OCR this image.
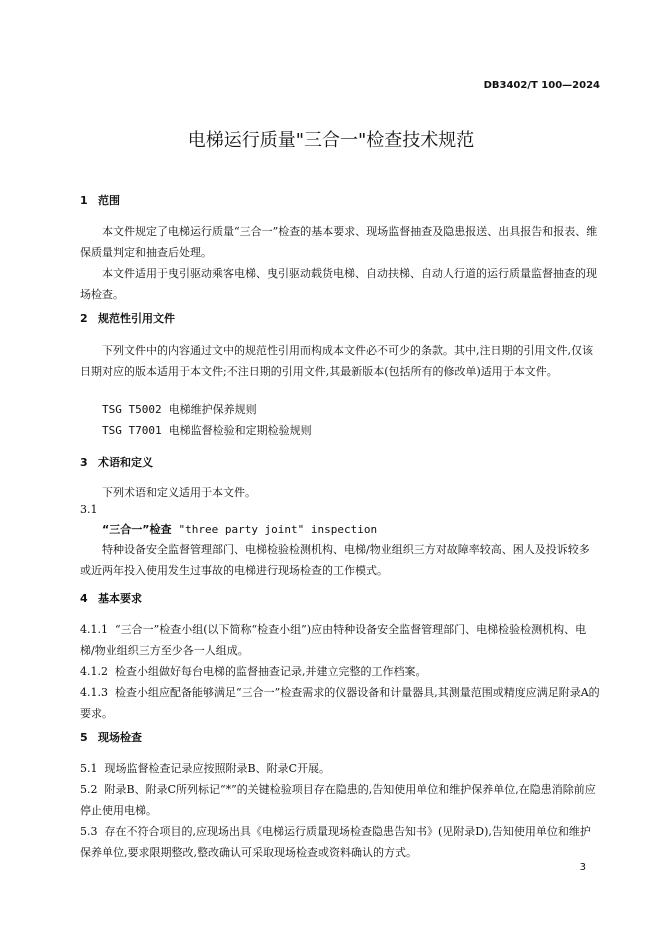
DB3402/T 100—2024
电梯运行质量"三合一"检查技术规范
1 范围
本文件规定了电梯运行质量“三合一”检查的基本要求、现场监督抽查及隐患报送、出具报告和报表、维保质量判定和抽查后处理。
本文件适用于曳引驱动乘客电梯、曳引驱动载货电梯、自动扶梯、自动人行道的运行质量监督抽查的现场检查。
2 规范性引用文件
下列文件中的内容通过文中的规范性引用而构成本文件必不可少的条款。其中,注日期的引用文件,仅该日期对应的版本适用于本文件;不注日期的引用文件,其最新版本(包括所有的修改单)适用于本文件。
TSG T5002 电梯维护保养规则
TSG T7001 电梯监督检验和定期检验规则
3 术语和定义
下列术语和定义适用于本文件。
3.1
“三合一”检查 "three party joint" inspection
特种设备安全监督管理部门、电梯检验检测机构、电梯/物业组织三方对故障率较高、困人及投诉较多或近两年投入使用发生过事故的电梯进行现场检查的工作模式。
4 基本要求
4.1.1 “三合一”检查小组(以下简称“检查小组”)应由特种设备安全监督管理部门、电梯检验检测机构、电梯/物业组织三方至少各一人组成。
4.1.2 检查小组做好每台电梯的监督抽查记录,并建立完整的工作档案。
4.1.3 检查小组应配备能够满足“三合一”检查需求的仪器设备和计量器具,其测量范围或精度应满足附录A的要求。
5 现场检查
5.1 现场监督检查记录应按照附录B、附录C开展。
5.2 附录B、附录C所列标记“*”的关键检验项目存在隐患的,告知使用单位和维护保养单位,在隐患消除前应停止使用电梯。
5.3 存在不符合项目的,应现场出具《电梯运行质量现场检查隐患告知书》(见附录D),告知使用单位和维护保养单位,要求限期整改,整改确认可采取现场检查或资料确认的方式。
3
